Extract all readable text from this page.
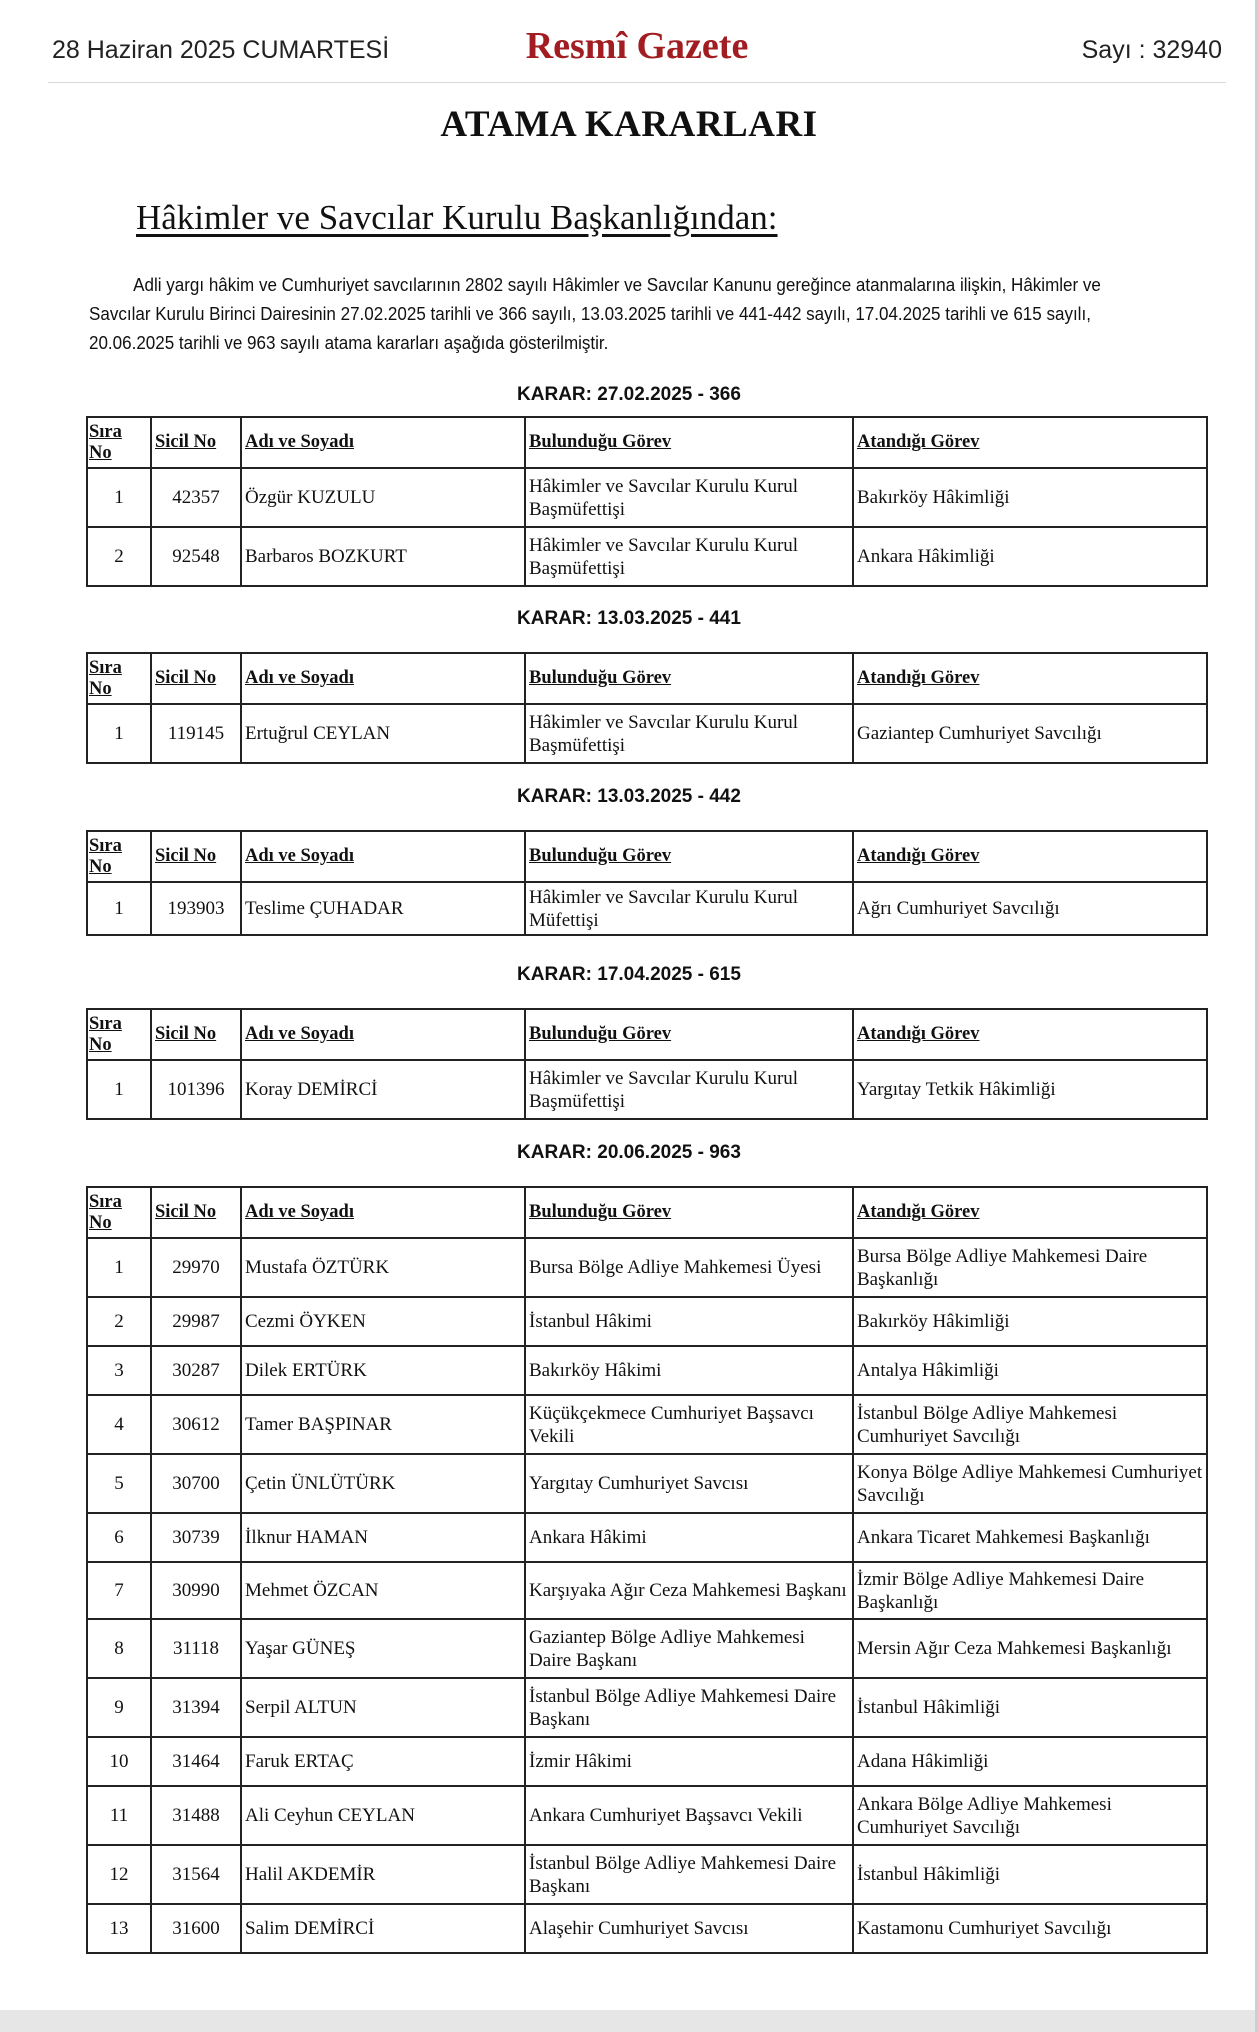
28 Haziran 2025 CUMARTESİ	Resmî Gazete	Sayı : 32940
ATAMA KARARLARI
Hâkimler ve Savcılar Kurulu Başkanlığından:
Adli yargı hâkim ve Cumhuriyet savcılarının 2802 sayılı Hâkimler ve Savcılar Kanunu gereğince atanmalarına ilişkin, Hâkimler ve Savcılar Kurulu Birinci Dairesinin 27.02.2025 tarihli ve 366 sayılı, 13.03.2025 tarihli ve 441-442 sayılı, 17.04.2025 tarihli ve 615 sayılı, 20.06.2025 tarihli ve 963 sayılı atama kararları aşağıda gösterilmiştir.
KARAR: 27.02.2025 - 366
Sıra No	Sicil No	Adı ve Soyadı	Bulunduğu Görev	Atandığı Görev
1	42357	Özgür KUZULU	Hâkimler ve Savcılar Kurulu Kurul Başmüfettişi	Bakırköy Hâkimliği
2	92548	Barbaros BOZKURT	Hâkimler ve Savcılar Kurulu Kurul Başmüfettişi	Ankara Hâkimliği
KARAR: 13.03.2025 - 441
Sıra No	Sicil No	Adı ve Soyadı	Bulunduğu Görev	Atandığı Görev
1	119145	Ertuğrul CEYLAN	Hâkimler ve Savcılar Kurulu Kurul Başmüfettişi	Gaziantep Cumhuriyet Savcılığı
KARAR: 13.03.2025 - 442
Sıra No	Sicil No	Adı ve Soyadı	Bulunduğu Görev	Atandığı Görev
1	193903	Teslime ÇUHADAR	Hâkimler ve Savcılar Kurulu Kurul Müfettişi	Ağrı Cumhuriyet Savcılığı
KARAR: 17.04.2025 - 615
Sıra No	Sicil No	Adı ve Soyadı	Bulunduğu Görev	Atandığı Görev
1	101396	Koray DEMİRCİ	Hâkimler ve Savcılar Kurulu Kurul Başmüfettişi	Yargıtay Tetkik Hâkimliği
KARAR: 20.06.2025 - 963
Sıra No	Sicil No	Adı ve Soyadı	Bulunduğu Görev	Atandığı Görev
1	29970	Mustafa ÖZTÜRK	Bursa Bölge Adliye Mahkemesi Üyesi	Bursa Bölge Adliye Mahkemesi Daire Başkanlığı
2	29987	Cezmi ÖYKEN	İstanbul Hâkimi	Bakırköy Hâkimliği
3	30287	Dilek ERTÜRK	Bakırköy Hâkimi	Antalya Hâkimliği
4	30612	Tamer BAŞPINAR	Küçükçekmece Cumhuriyet Başsavcı Vekili	İstanbul Bölge Adliye Mahkemesi Cumhuriyet Savcılığı
5	30700	Çetin ÜNLÜTÜRK	Yargıtay Cumhuriyet Savcısı	Konya Bölge Adliye Mahkemesi Cumhuriyet Savcılığı
6	30739	İlknur HAMAN	Ankara Hâkimi	Ankara Ticaret Mahkemesi Başkanlığı
7	30990	Mehmet ÖZCAN	Karşıyaka Ağır Ceza Mahkemesi Başkanı	İzmir Bölge Adliye Mahkemesi Daire Başkanlığı
8	31118	Yaşar GÜNEŞ	Gaziantep Bölge Adliye Mahkemesi Daire Başkanı	Mersin Ağır Ceza Mahkemesi Başkanlığı
9	31394	Serpil ALTUN	İstanbul Bölge Adliye Mahkemesi Daire Başkanı	İstanbul Hâkimliği
10	31464	Faruk ERTAÇ	İzmir Hâkimi	Adana Hâkimliği
11	31488	Ali Ceyhun CEYLAN	Ankara Cumhuriyet Başsavcı Vekili	Ankara Bölge Adliye Mahkemesi Cumhuriyet Savcılığı
12	31564	Halil AKDEMİR	İstanbul Bölge Adliye Mahkemesi Daire Başkanı	İstanbul Hâkimliği
13	31600	Salim DEMİRCİ	Alaşehir Cumhuriyet Savcısı	Kastamonu Cumhuriyet Savcılığı
